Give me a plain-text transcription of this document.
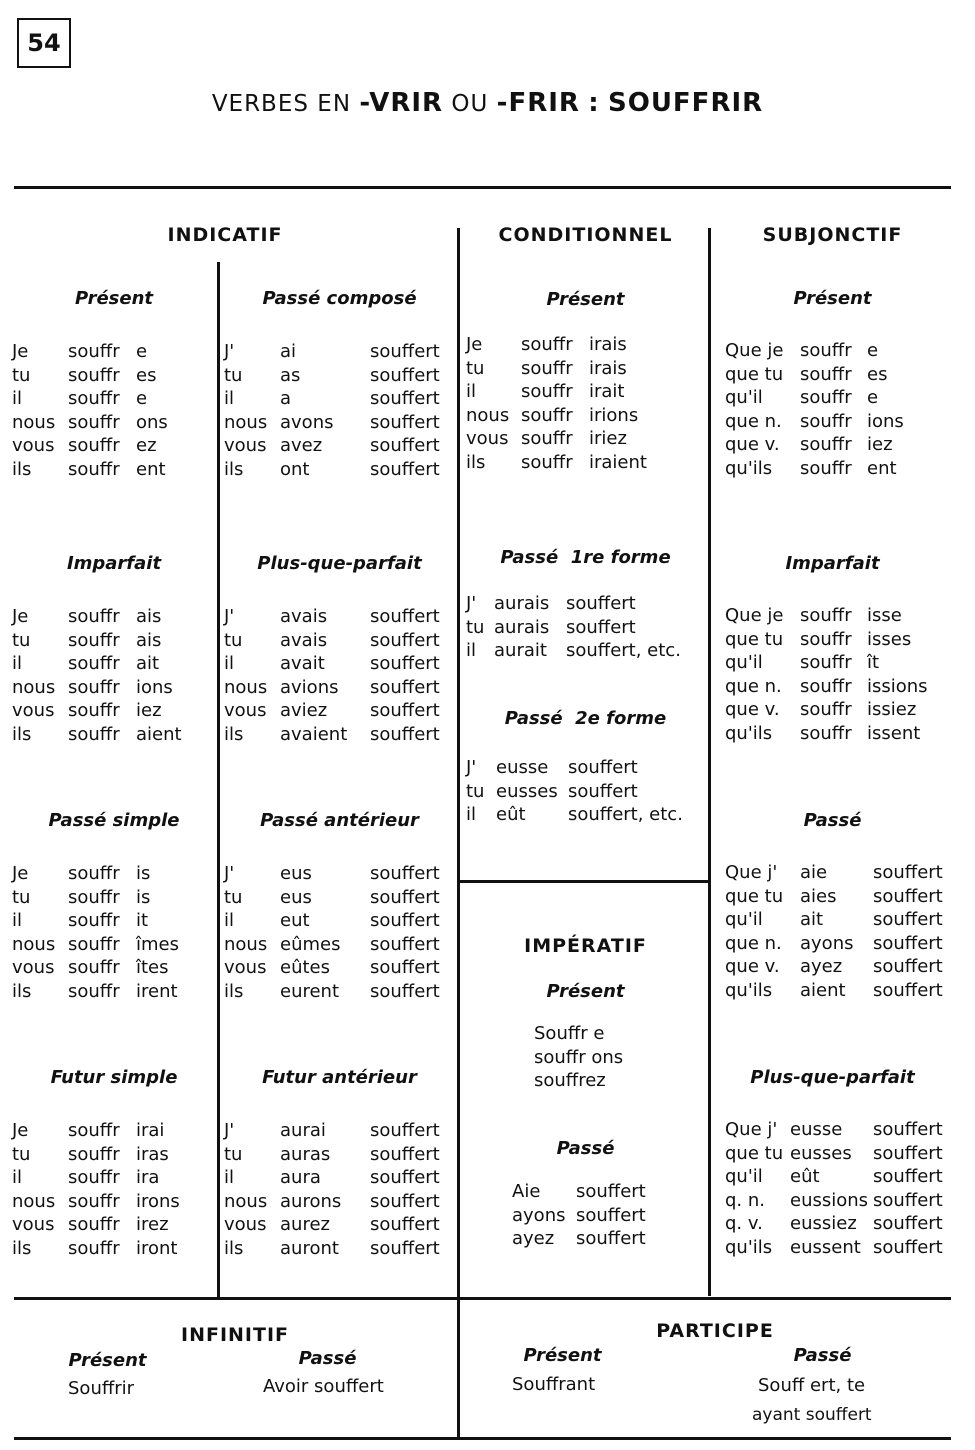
54
VERBES EN -VRIR OU -FRIR : SOUFFRIR
INDICATIF	CONDITIONNEL	SUBJONCTIF
Présent
Je souffr e
tu souffr es
il	souffr e
nous souffr ons
vous souffr ez
ils souffr ent
Imparfait
Je souffr ais
tu souffr ais
il	souffr ait
nous souffr ions
vous souffr iez
ils souffr aient
Passé simple
Je souffr is
tu souffr is
il	souffr it
nous souffr îmes
vous souffr îtes
ils souffr irent
Futur simple
Je souffr irai
tu souffr iras
il	souffr ira
nous souffr irons
vous souffr irez
ils souffr iront
Passé composé
J'	ai	souffert
tu as	souffert
il	a	souffert
nous avons souffert
vous avez	souffert
ils ont	souffert
Plus-que-parfait
J'	avais souffert
tu avais souffert
il	avait	souffert
nous avions souffert
vous aviez souffert
ils avaient souffert
Passé antérieur
J'	eus	souffert
tu eus	souffert
il	eut	souffert
nous eûmes souffert
vous eûtes souffert
ils eurent souffert
Futur antérieur
J'	aurai souffert
tu auras souffert
il	aura	souffert
nous aurons souffert
vous aurez souffert
ils auront souffert
Présent
Je souffr irais
tu souffr irais
il souffr irait
nous souffr irions
vous souffr iriez
ils souffr iraient
Passé 1re forme
J' aurais souffert
tu aurais souffert
il aurait souffert, etc.
Passé 2e forme
J' eusse souffert
tu eusses souffert
il eût souffert, etc.
IMPÉRATIF
Présent
Souffr e
souffr ons
souffrez
Passé
Aie souffert
ayons souffert
ayez souffert
Présent
Que je souffr e
que tu souffr es
qu'il souffr e
que n. souffr ions
que v. souffr iez
qu'ils souffr ent
Imparfait
Que je souffr isse
que tu souffr isses
qu'il souffr ît
que n. souffr issions
que v. souffr issiez
qu'ils souffr issent
Passé
Que j' aie	souffert
que tu aies souffert
qu'il ait	souffert
que n. ayons souffert
que v. ayez souffert
qu'ils aient souffert
Plus-que-parfait
Que j' eusse souffert
que tu eusses souffert
qu'il eût	souffert
q. n. eussions souffert
q. v. eussiez souffert
qu'ils eussent souffert
INFINITIF
Présent	Passé
Souffrir	Avoir souffert
PARTICIPE
Présent	Passé
Souffrant	Souff ert, te
ayant souffert
